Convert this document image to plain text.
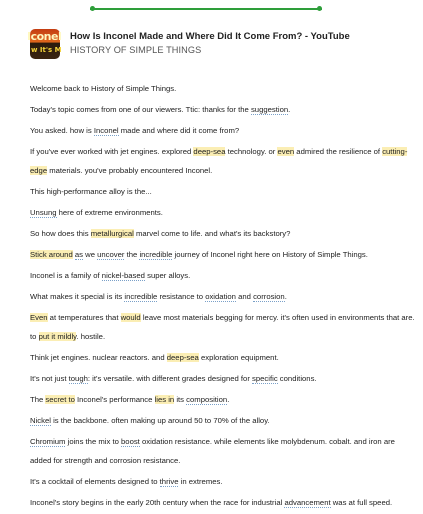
Iconel
w It's M
How Is Inconel Made and Where Did It Come From? - YouTube
HISTORY OF SIMPLE THINGS
Welcome back to History of Simple Things.
Today's topic comes from one of our viewers. Ttic: thanks for the suggestion.
You asked. how is Inconel made and where did it come from?
If you've ever worked with jet engines. explored deep-sea technology. or even admired the resilience of cutting-edge materials. you've probably encountered Inconel.
This high-performance alloy is the...
Unsung here of extreme environments.
So how does this metallurgical marvel come to life. and what's its backstory?
Stick around as we uncover the incredible journey of Inconel right here on History of Simple Things.
Inconel is a family of nickel-based super alloys.
What makes it special is its incredible resistance to oxidation and corrosion.
Even at temperatures that would leave most materials begging for mercy. it's often used in environments that are. to put it mildly. hostile.
Think jet engines. nuclear reactors. and deep-sea exploration equipment.
It's not just tough: it's versatile. with different grades designed for specific conditions.
The secret to Inconel's performance lies in its composition.
Nickel is the backbone. often making up around 50 to 70% of the alloy.
Chromium joins the mix to boost oxidation resistance. while elements like molybdenum. cobalt. and iron are added for strength and corrosion resistance.
It's a cocktail of elements designed to thrive in extremes.
Inconel's story begins in the early 20th century when the race for industrial advancement was at full speed.
